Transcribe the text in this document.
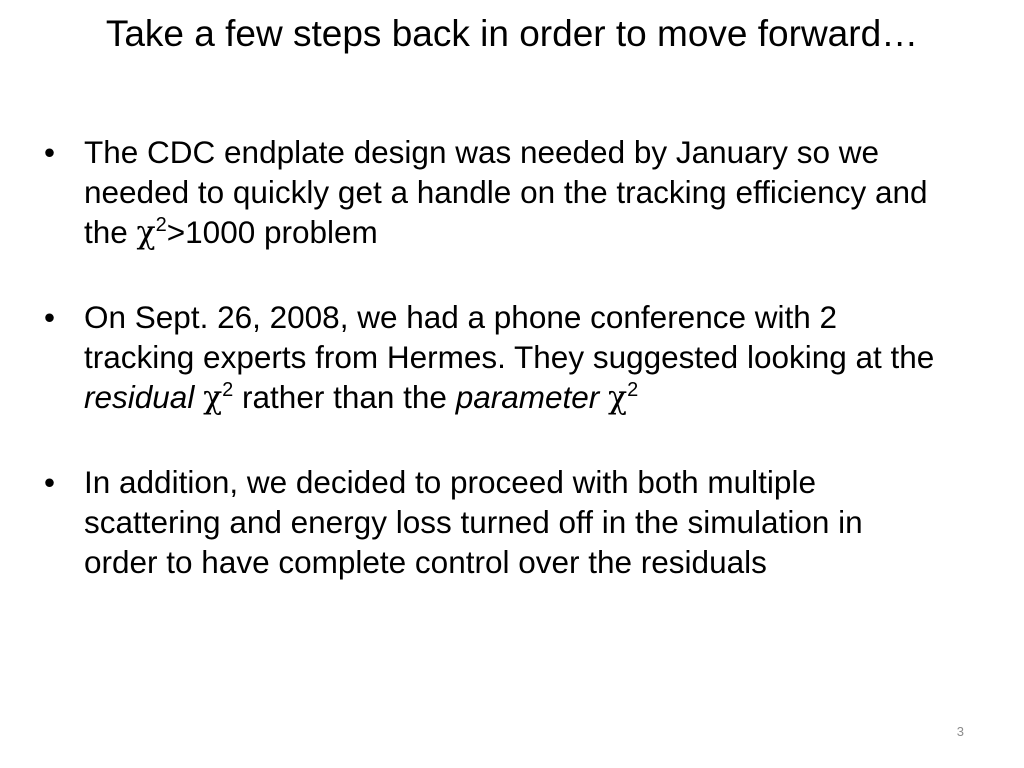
Take a few steps back in order to move forward…
• The CDC endplate design was needed by January so we needed to quickly get a handle on the tracking efficiency and the $\chi^2>1000$ problem
• On Sept. 26, 2008, we had a phone conference with 2 tracking experts from Hermes. They suggested looking at the residual $\chi^2$ rather than the parameter $\chi^2$
• In addition, we decided to proceed with both multiple scattering and energy loss turned off in the simulation in order to have complete control over the residuals
3
